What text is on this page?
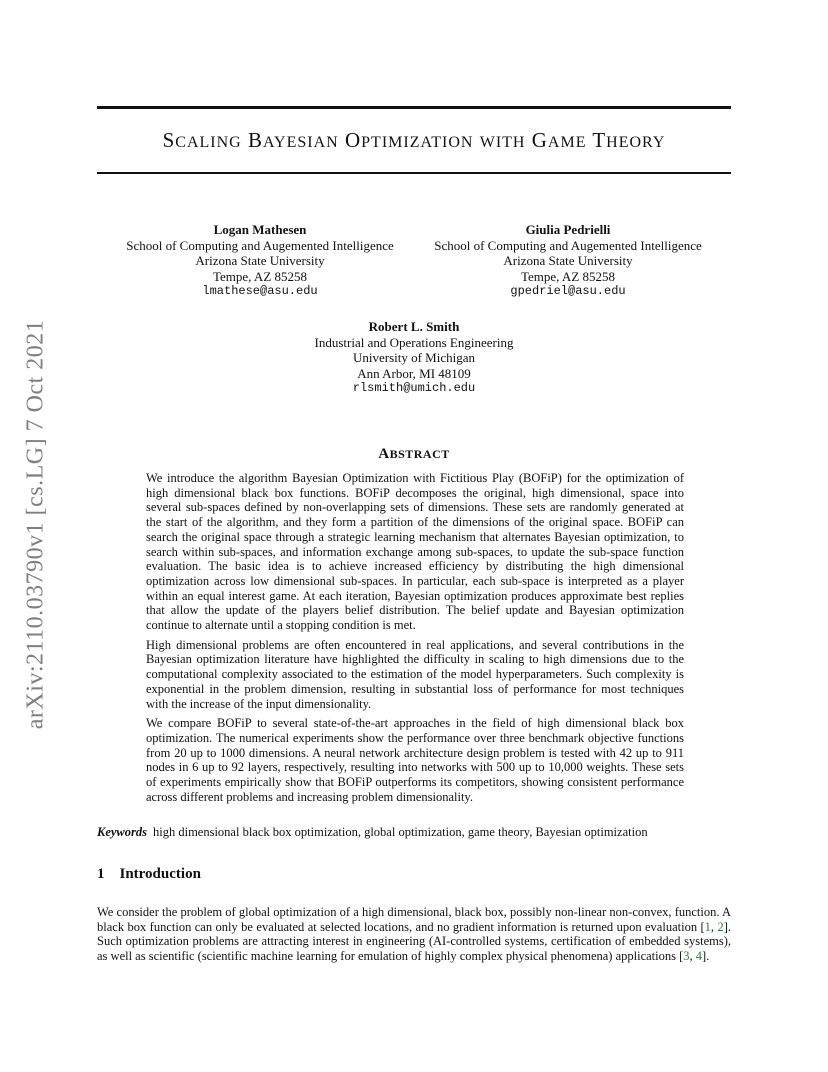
arXiv:2110.03790v1 [cs.LG] 7 Oct 2021
SCALING BAYESIAN OPTIMIZATION WITH GAME THEORY
Logan Mathesen
School of Computing and Augemented Intelligence
Arizona State University
Tempe, AZ 85258
lmathese@asu.edu
Giulia Pedrielli
School of Computing and Augemented Intelligence
Arizona State University
Tempe, AZ 85258
gpedriel@asu.edu
Robert L. Smith
Industrial and Operations Engineering
University of Michigan
Ann Arbor, MI 48109
rlsmith@umich.edu
ABSTRACT

We introduce the algorithm Bayesian Optimization with Fictitious Play (BOFiP) for the optimization of high dimensional black box functions. BOFiP decomposes the original, high dimensional, space into several sub-spaces defined by non-overlapping sets of dimensions. These sets are randomly generated at the start of the algorithm, and they form a partition of the dimensions of the original space. BOFiP can search the original space through a strategic learning mechanism that alternates Bayesian optimization, to search within sub-spaces, and information exchange among sub-spaces, to update the sub-space function evaluation. The basic idea is to achieve increased efficiency by distributing the high dimensional optimization across low dimensional sub-spaces. In particular, each sub-space is interpreted as a player within an equal interest game. At each iteration, Bayesian optimization produces approximate best replies that allow the update of the players belief distribution. The belief update and Bayesian optimization continue to alternate until a stopping condition is met.

High dimensional problems are often encountered in real applications, and several contributions in the Bayesian optimization literature have highlighted the difficulty in scaling to high dimensions due to the computational complexity associated to the estimation of the model hyperparameters. Such complexity is exponential in the problem dimension, resulting in substantial loss of performance for most techniques with the increase of the input dimensionality.

We compare BOFiP to several state-of-the-art approaches in the field of high dimensional black box optimization. The numerical experiments show the performance over three benchmark objective functions from 20 up to 1000 dimensions. A neural network architecture design problem is tested with 42 up to 911 nodes in 6 up to 92 layers, respectively, resulting into networks with 500 up to 10,000 weights. These sets of experiments empirically show that BOFiP outperforms its competitors, showing consistent performance across different problems and increasing problem dimensionality.

Keywords high dimensional black box optimization, global optimization, game theory, Bayesian optimization
1 Introduction

We consider the problem of global optimization of a high dimensional, black box, possibly non-linear non-convex, function. A black box function can only be evaluated at selected locations, and no gradient information is returned upon evaluation [1, 2]. Such optimization problems are attracting interest in engineering (AI-controlled systems, certification of embedded systems), as well as scientific (scientific machine learning for emulation of highly complex physical phenomena) applications [3, 4].
